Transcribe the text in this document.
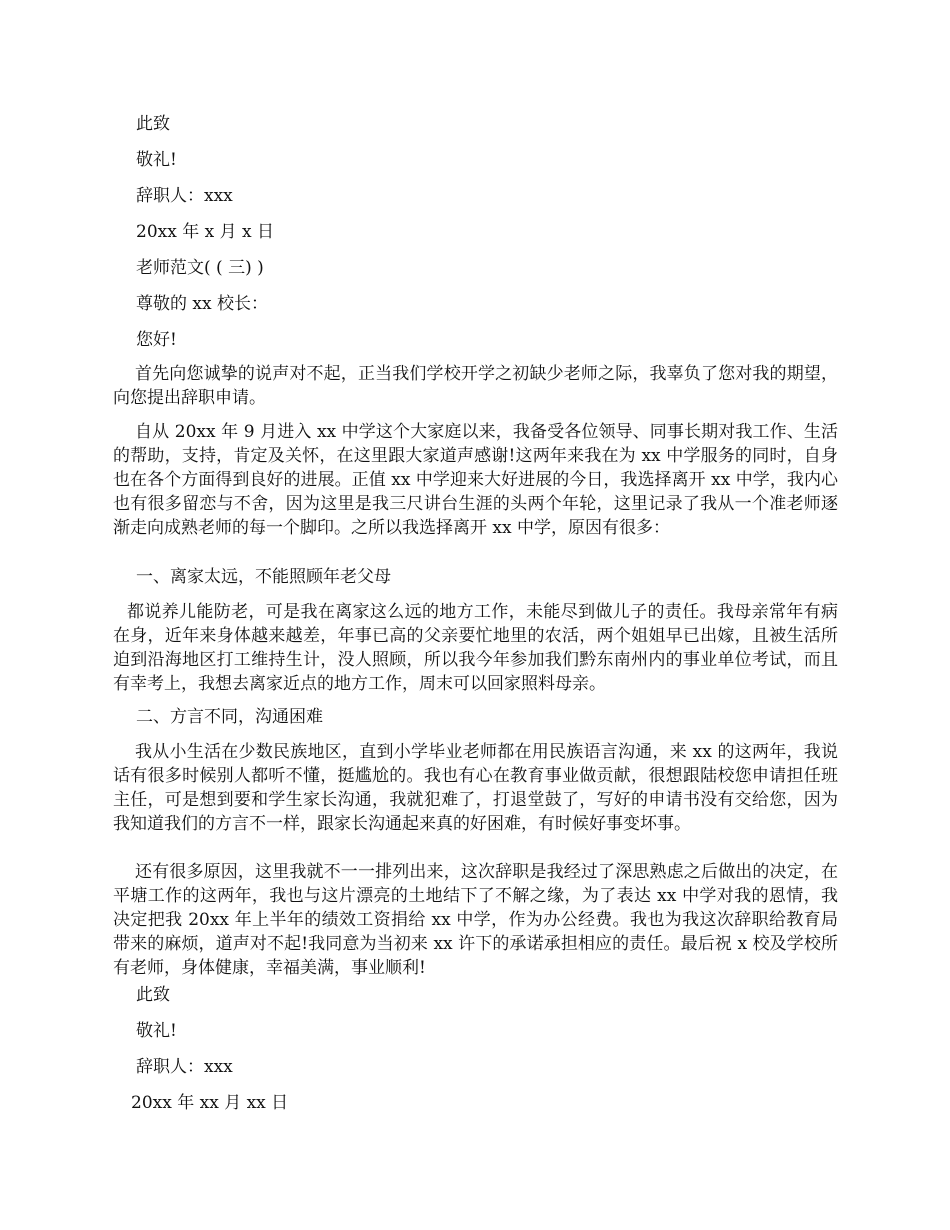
此致
敬礼!
辞职人：xxx
20xx 年 x 月 x 日
老师范文( ( 三) )
尊敬的 xx 校长：
您好!
首先向您诚挚的说声对不起，正当我们学校开学之初缺少老师之际，我辜负了您对我的期望，向您提出辞职申请。
自从 20xx 年 9 月进入 xx 中学这个大家庭以来，我备受各位领导、同事长期对我工作、生活的帮助，支持，肯定及关怀，在这里跟大家道声感谢!这两年来我在为 xx 中学服务的同时，自身也在各个方面得到良好的进展。正值 xx 中学迎来大好进展的今日，我选择离开 xx 中学，我内心也有很多留恋与不舍，因为这里是我三尺讲台生涯的头两个年轮，这里记录了我从一个准老师逐渐走向成熟老师的每一个脚印。之所以我选择离开 xx 中学，原因有很多：
一、离家太远，不能照顾年老父母
都说养儿能防老，可是我在离家这么远的地方工作，未能尽到做儿子的责任。我母亲常年有病在身，近年来身体越来越差，年事已高的父亲要忙地里的农活，两个姐姐早已出嫁，且被生活所迫到沿海地区打工维持生计，没人照顾，所以我今年参加我们黔东南州内的事业单位考试，而且有幸考上，我想去离家近点的地方工作，周末可以回家照料母亲。
二、方言不同，沟通困难
我从小生活在少数民族地区，直到小学毕业老师都在用民族语言沟通，来 xx 的这两年，我说话有很多时候别人都听不懂，挺尴尬的。我也有心在教育事业做贡献，很想跟陆校您申请担任班主任，可是想到要和学生家长沟通，我就犯难了，打退堂鼓了，写好的申请书没有交给您，因为我知道我们的方言不一样，跟家长沟通起来真的好困难，有时候好事变坏事。
还有很多原因，这里我就不一一排列出来，这次辞职是我经过了深思熟虑之后做出的决定，在平塘工作的这两年，我也与这片漂亮的土地结下了不解之缘，为了表达 xx 中学对我的恩情，我决定把我 20xx 年上半年的绩效工资捐给 xx 中学，作为办公经费。我也为我这次辞职给教育局带来的麻烦，道声对不起!我同意为当初来 xx 许下的承诺承担相应的责任。最后祝 x 校及学校所有老师，身体健康，幸福美满，事业顺利!
此致
敬礼!
辞职人：xxx
20xx 年 xx 月 xx 日
